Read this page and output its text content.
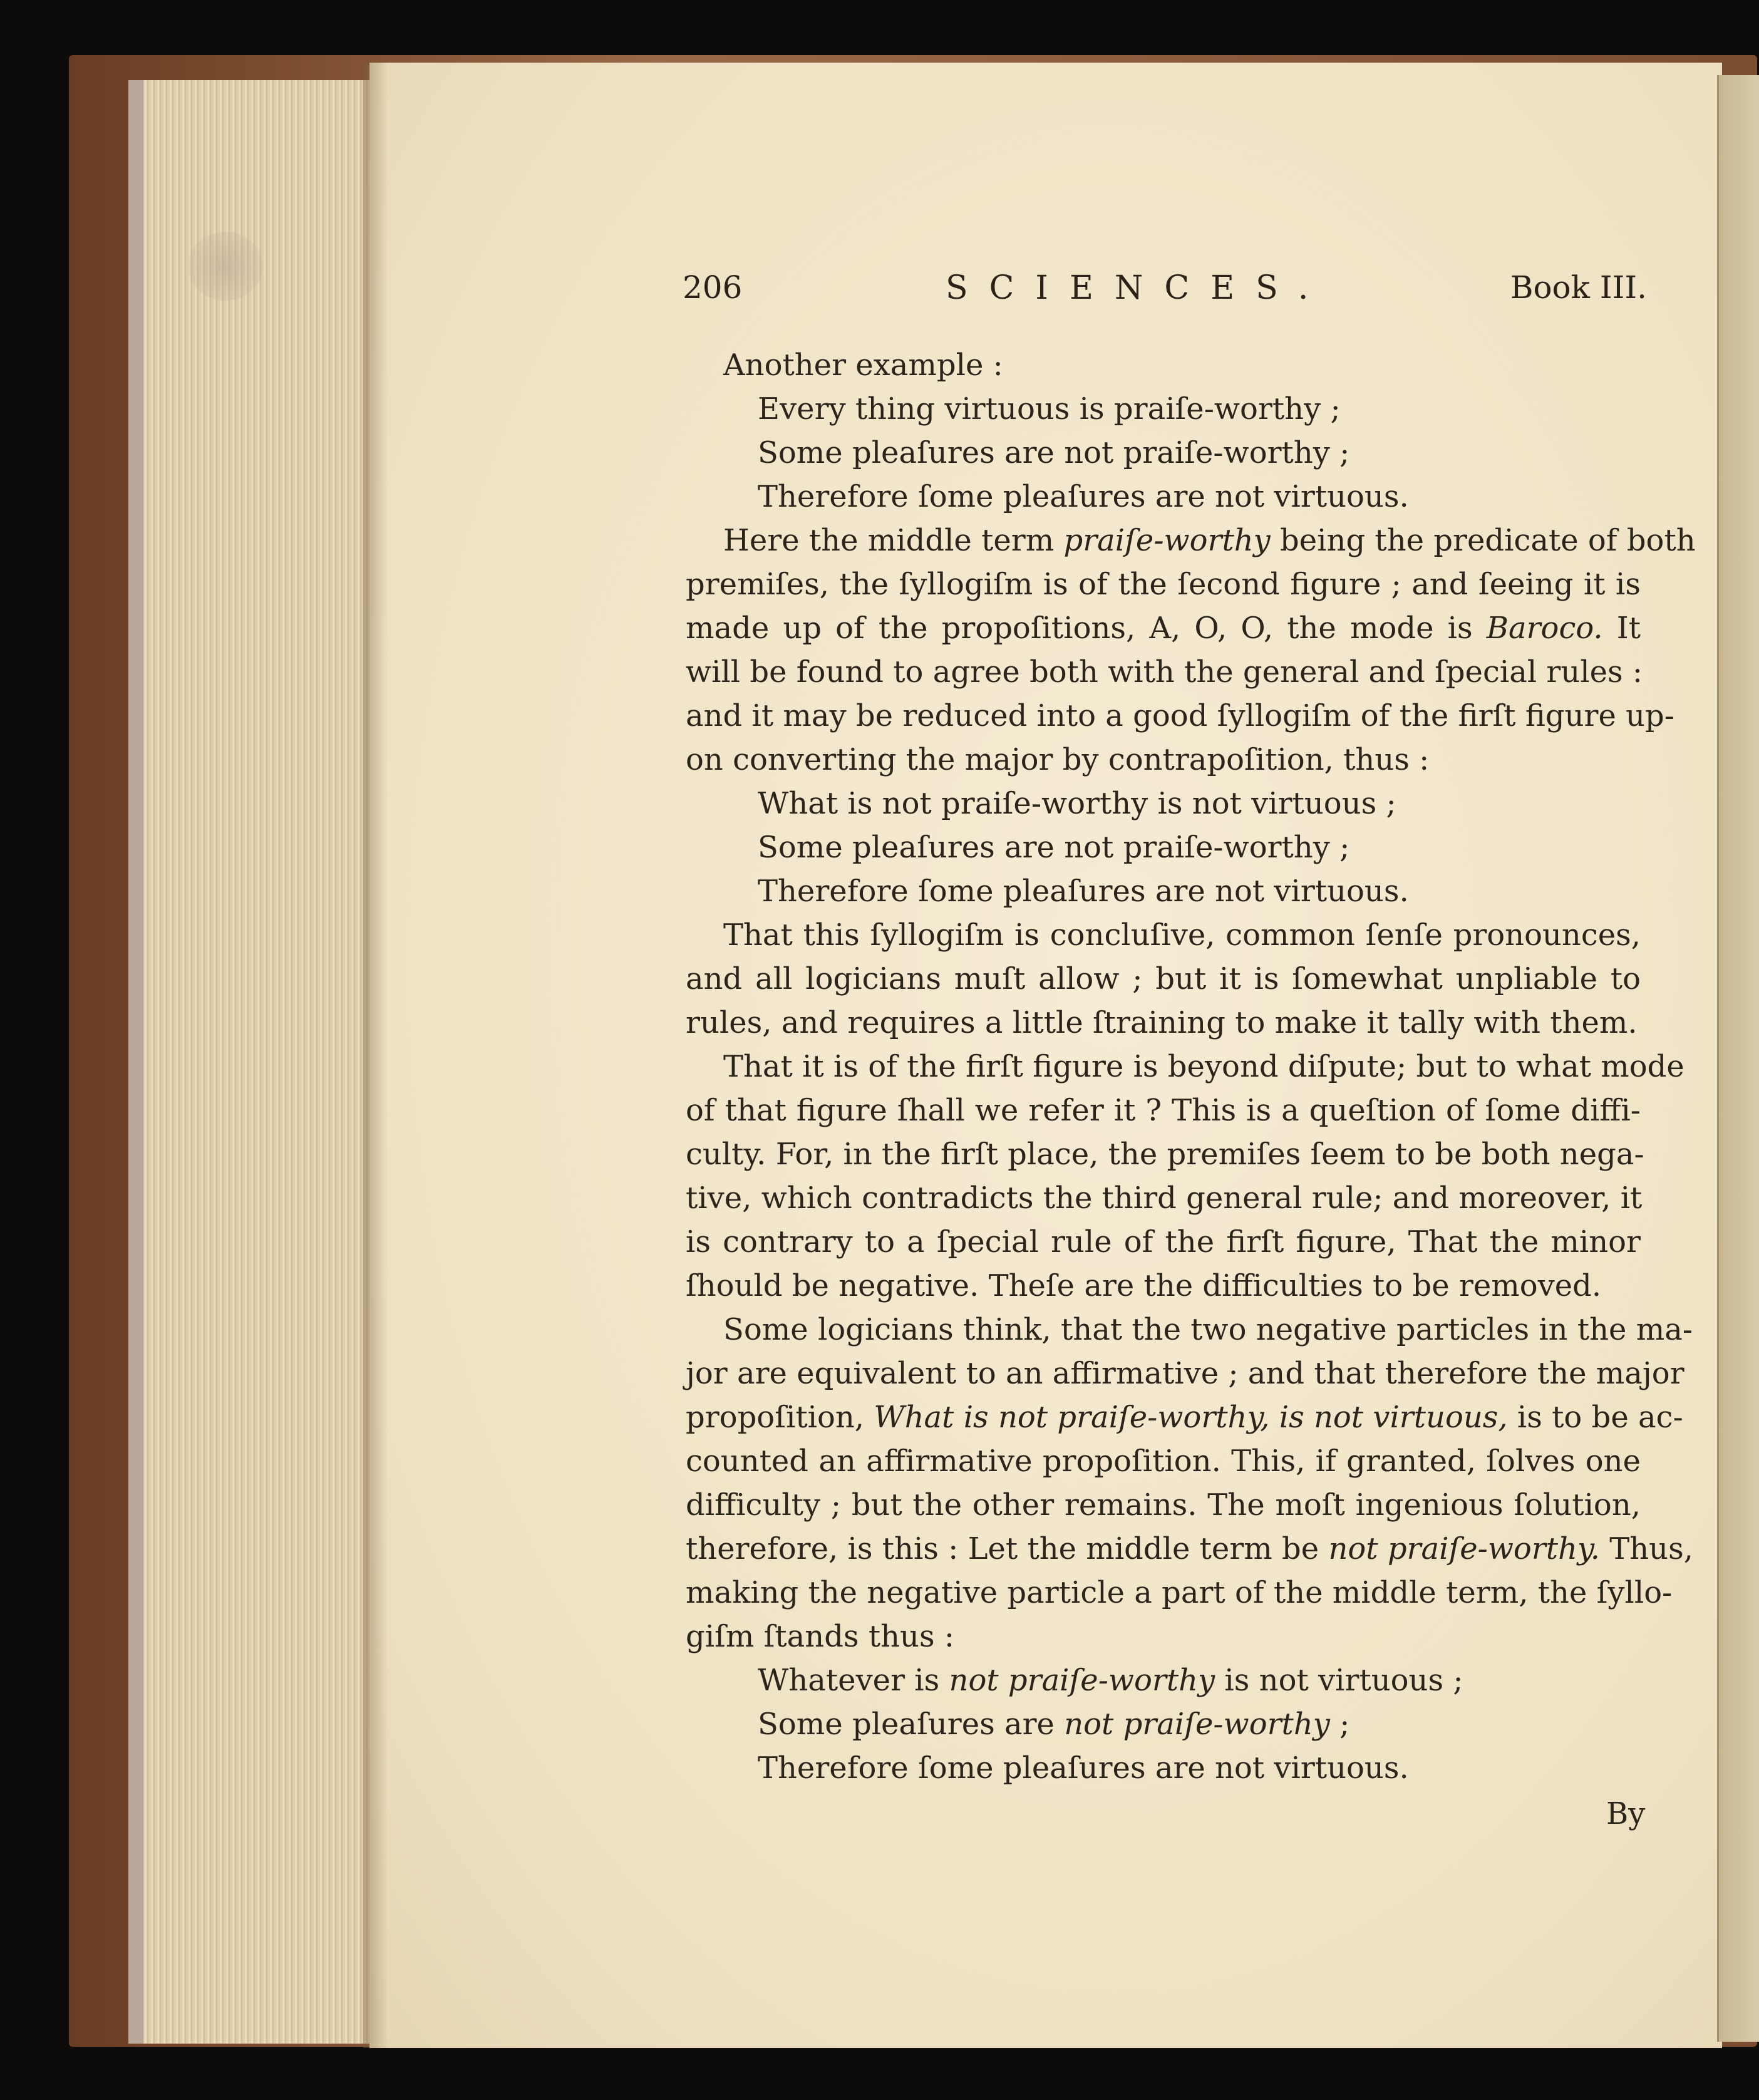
206	SCIENCES.	Book III.
Another example :
Every thing virtuous is praiſe-worthy ;
Some pleaſures are not praiſe-worthy ;
Therefore ſome pleaſures are not virtuous.
Here the middle term praiſe-worthy being the predicate of both
premiſes, the ſyllogiſm is of the ſecond figure ; and ſeeing it is
made up of the propoſitions, A, O, O, the mode is Baroco. It
will be found to agree both with the general and ſpecial rules :
and it may be reduced into a good ſyllogiſm of the firſt figure up-
on converting the major by contrapoſition, thus :
What is not praiſe-worthy is not virtuous ;
Some pleaſures are not praiſe-worthy ;
Therefore ſome pleaſures are not virtuous.
That this ſyllogiſm is concluſive, common ſenſe pronounces,
and all logicians muſt allow ; but it is ſomewhat unpliable to
rules, and requires a little ſtraining to make it tally with them.
That it is of the firſt figure is beyond diſpute; but to what mode
of that figure ſhall we refer it ? This is a queſtion of ſome diffi-
culty. For, in the firſt place, the premiſes ſeem to be both nega-
tive, which contradicts the third general rule; and moreover, it
is contrary to a ſpecial rule of the firſt figure, That the minor
ſhould be negative. Theſe are the difficulties to be removed.
Some logicians think, that the two negative particles in the ma-
jor are equivalent to an affirmative ; and that therefore the major
propoſition, What is not praiſe-worthy, is not virtuous, is to be ac-
counted an affirmative propoſition. This, if granted, ſolves one
difficulty ; but the other remains. The moſt ingenious ſolution,
therefore, is this : Let the middle term be not praiſe-worthy. Thus,
making the negative particle a part of the middle term, the ſyllo-
giſm ſtands thus :
Whatever is not praiſe-worthy is not virtuous ;
Some pleaſures are not praiſe-worthy ;
Therefore ſome pleaſures are not virtuous.
By
